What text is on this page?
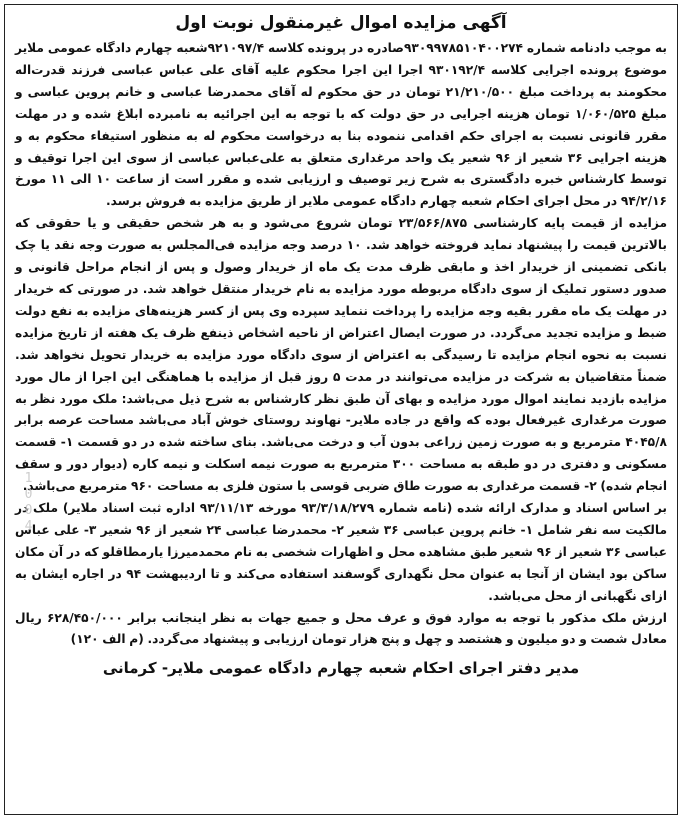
1004
آگهی مزایده اموال غیرمنقول نوبت اول

به موجب دادنامه شماره ۹۳۰۹۹۷۸۵۱۰۴۰۰۲۷۴صادره در پرونده کلاسه ۹۲۱۰۹۷/۴شعبه چهارم دادگاه عمومی ملایر موضوع پرونده اجرایی کلاسه ۹۳۰۱۹۲/۴ اجرا این اجرا محکوم علیه آقای علی عباس عباسی فرزند قدرت‌اله محکومند به پرداخت مبلغ ۲۱/۲۱۰/۵۰۰ تومان در حق محکوم له آقای محمدرضا عباسی و خانم پروین عباسی و مبلغ ۱/۰۶۰/۵۲۵ تومان هزینه اجرایی در حق دولت که با توجه به این اجرائیه به نامبرده ابلاغ شده و در مهلت مقرر قانونی نسبت به اجرای حکم اقدامی ننموده بنا به درخواست محکوم له به منظور استیفاء محکوم به و هزینه اجرایی ۳۶ شعیر از ۹۶ شعیر یک واحد مرغداری متعلق به علی‌عباس عباسی از سوی این اجرا توقیف و توسط کارشناس خبره دادگستری به شرح زیر توصیف و ارزیابی شده و مقرر است از ساعت ۱۰ الی ۱۱ مورخ ۹۴/۲/۱۶ در محل اجرای احکام شعبه چهارم دادگاه عمومی ملایر از طریق مزایده به فروش برسد.

مزایده از قیمت پایه کارشناسی ۲۳/۵۶۶/۸۷۵ تومان شروع می‌شود و به هر شخص حقیقی و یا حقوقی که بالاترین قیمت را پیشنهاد نماید فروخته خواهد شد. ۱۰ درصد وجه مزایده فی‌المجلس به صورت وجه نقد یا چک بانکی تضمینی از خریدار اخذ و مابقی ظرف مدت یک ماه از خریدار وصول و پس از انجام مراحل قانونی و صدور دستور تملیک از سوی دادگاه مربوطه مورد مزایده به نام خریدار منتقل خواهد شد. در صورتی که خریدار در مهلت یک ماه مقرر بقیه وجه مزایده را پرداخت ننماید سپرده وی پس از کسر هزینه‌های مزایده به نفع دولت ضبط و مزایده تجدید می‌گردد. در صورت ایصال اعتراض از ناحیه اشخاص ذینفع ظرف یک هفته از تاریخ مزایده نسبت به نحوه انجام مزایده تا رسیدگی به اعتراض از سوی دادگاه مورد مزایده به خریدار تحویل نخواهد شد. ضمناً متقاضیان به شرکت در مزایده می‌توانند در مدت ۵ روز قبل از مزایده با هماهنگی این اجرا از مال مورد مزایده بازدید نمایند اموال مورد مزایده و بهای آن طبق نظر کارشناس به شرح ذیل می‌باشد: ملک مورد نظر به صورت مرغداری غیرفعال بوده که واقع در جاده ملایر- نهاوند روستای خوش آباد می‌باشد مساحت عرصه برابر ۴۰۴۵/۸ مترمربع و به صورت زمین زراعی بدون آب و درخت می‌باشد. بنای ساخته شده در دو قسمت ۱- قسمت مسکونی و دفتری در دو طبقه به مساحت ۳۰۰ مترمربع به صورت نیمه اسکلت و نیمه کاره (دیوار دور و سقف انجام شده) ۲- قسمت مرغداری به صورت طاق ضربی قوسی با ستون فلزی به مساحت ۹۶۰ مترمربع می‌باشد.

بر اساس اسناد و مدارک ارائه شده (نامه شماره ۹۳/۳/۱۸/۲۷۹ مورخه ۹۳/۱۱/۱۳ اداره ثبت اسناد ملایر) ملک در مالکیت سه نفر شامل ۱- خانم پروین عباسی ۳۶ شعیر ۲- محمدرضا عباسی ۲۴ شعیر از ۹۶ شعیر ۳- علی عباس عباسی ۳۶ شعیر از ۹۶ شعیر طبق مشاهده محل و اظهارات شخصی به نام محمدمیرزا یارمطاقلو که در آن مکان ساکن بود ایشان از آنجا به عنوان محل نگهداری گوسفند استفاده می‌کند و تا اردیبهشت ۹۴ در اجاره ایشان به ازای نگهبانی از محل می‌باشد.

ارزش ملک مذکور با توجه به موارد فوق و عرف محل و جمیع جهات به نظر اینجانب برابر ۶۲۸/۴۵۰/۰۰۰ ریال معادل شصت و دو میلیون و هشتصد و چهل و پنج هزار تومان ارزیابی و پیشنهاد می‌گردد. (م الف ۱۲۰)

مدیر دفتر اجرای احکام شعبه چهارم دادگاه عمومی ملایر- کرمانی
